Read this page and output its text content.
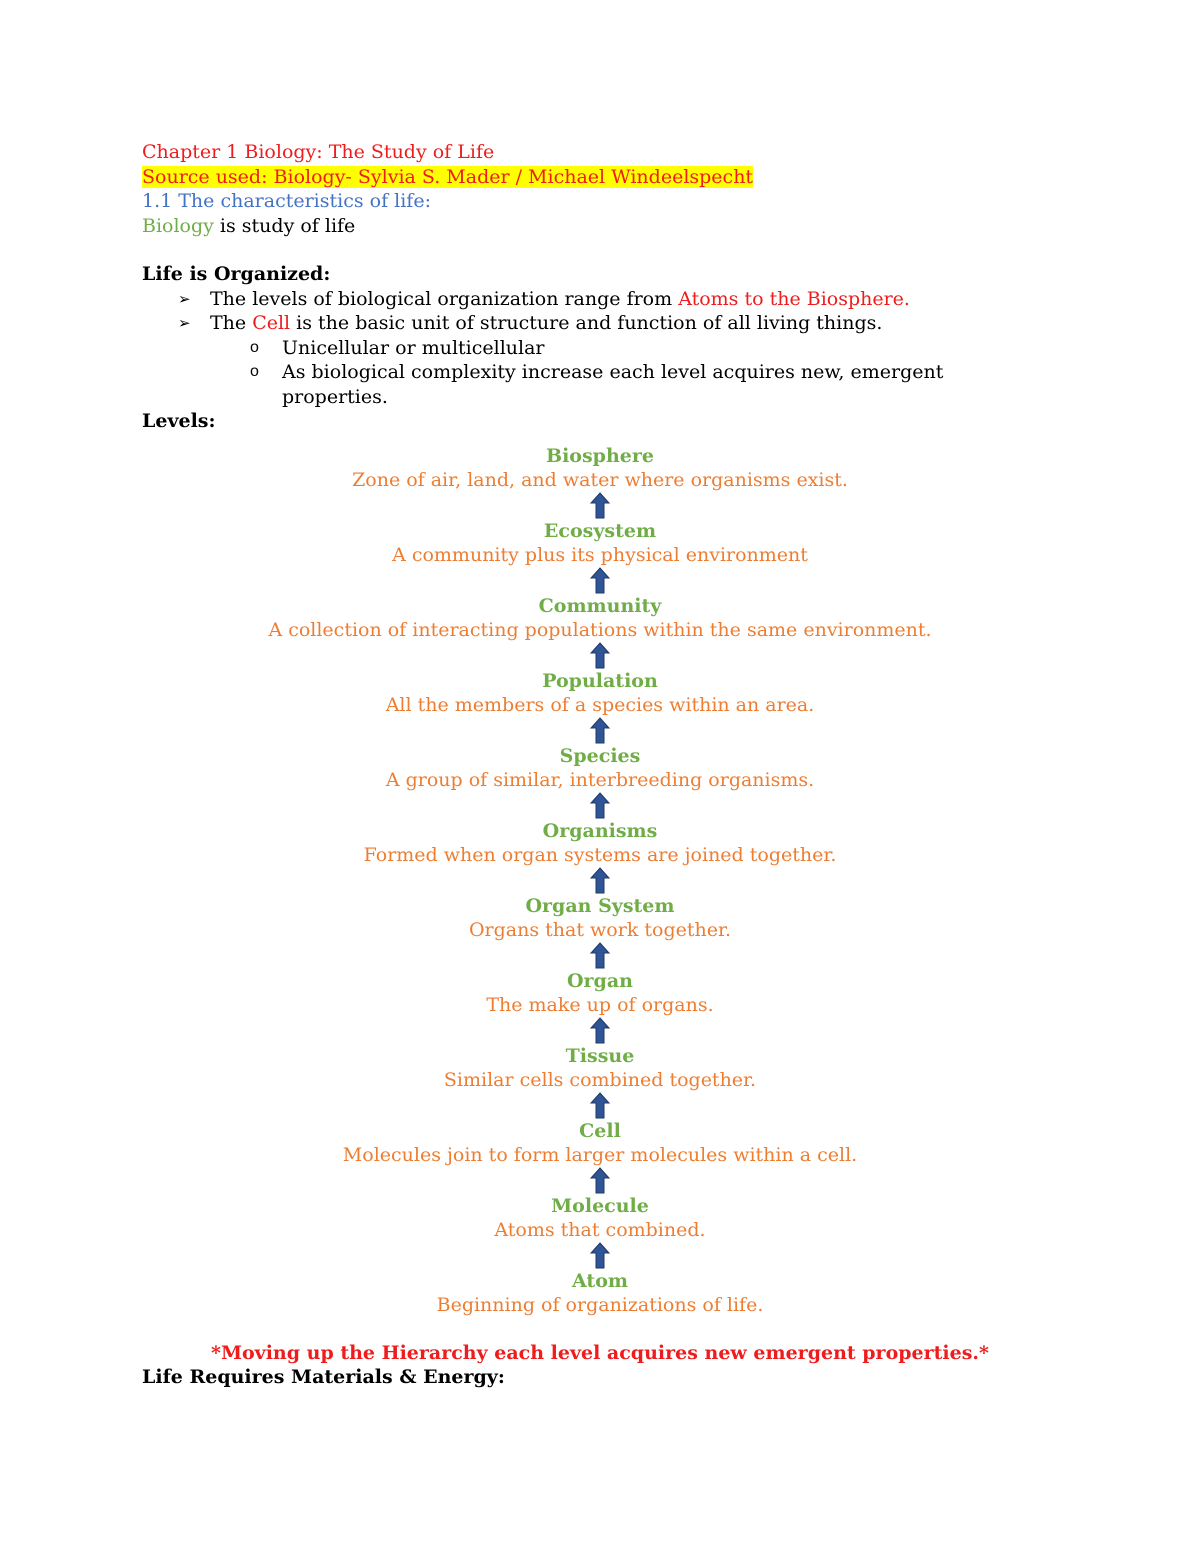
Chapter 1 Biology: The Study of Life
Source used: Biology- Sylvia S. Mader / Michael Windeelspecht
1.1 The characteristics of life:
Biology is study of life
Life is Organized:
➢ The levels of biological organization range from Atoms to the Biosphere.
➢ The Cell is the basic unit of structure and function of all living things.
o Unicellular or multicellular
o As biological complexity increase each level acquires new, emergent properties.
Levels:
Biosphere
Zone of air, land, and water where organisms exist.
Ecosystem
A community plus its physical environment
Community
A collection of interacting populations within the same environment.
Population
All the members of a species within an area.
Species
A group of similar, interbreeding organisms.
Organisms
Formed when organ systems are joined together.
Organ System
Organs that work together.
Organ
The make up of organs.
Tissue
Similar cells combined together.
Cell
Molecules join to form larger molecules within a cell.
Molecule
Atoms that combined.
Atom
Beginning of organizations of life.
*Moving up the Hierarchy each level acquires new emergent properties.*
Life Requires Materials & Energy:
